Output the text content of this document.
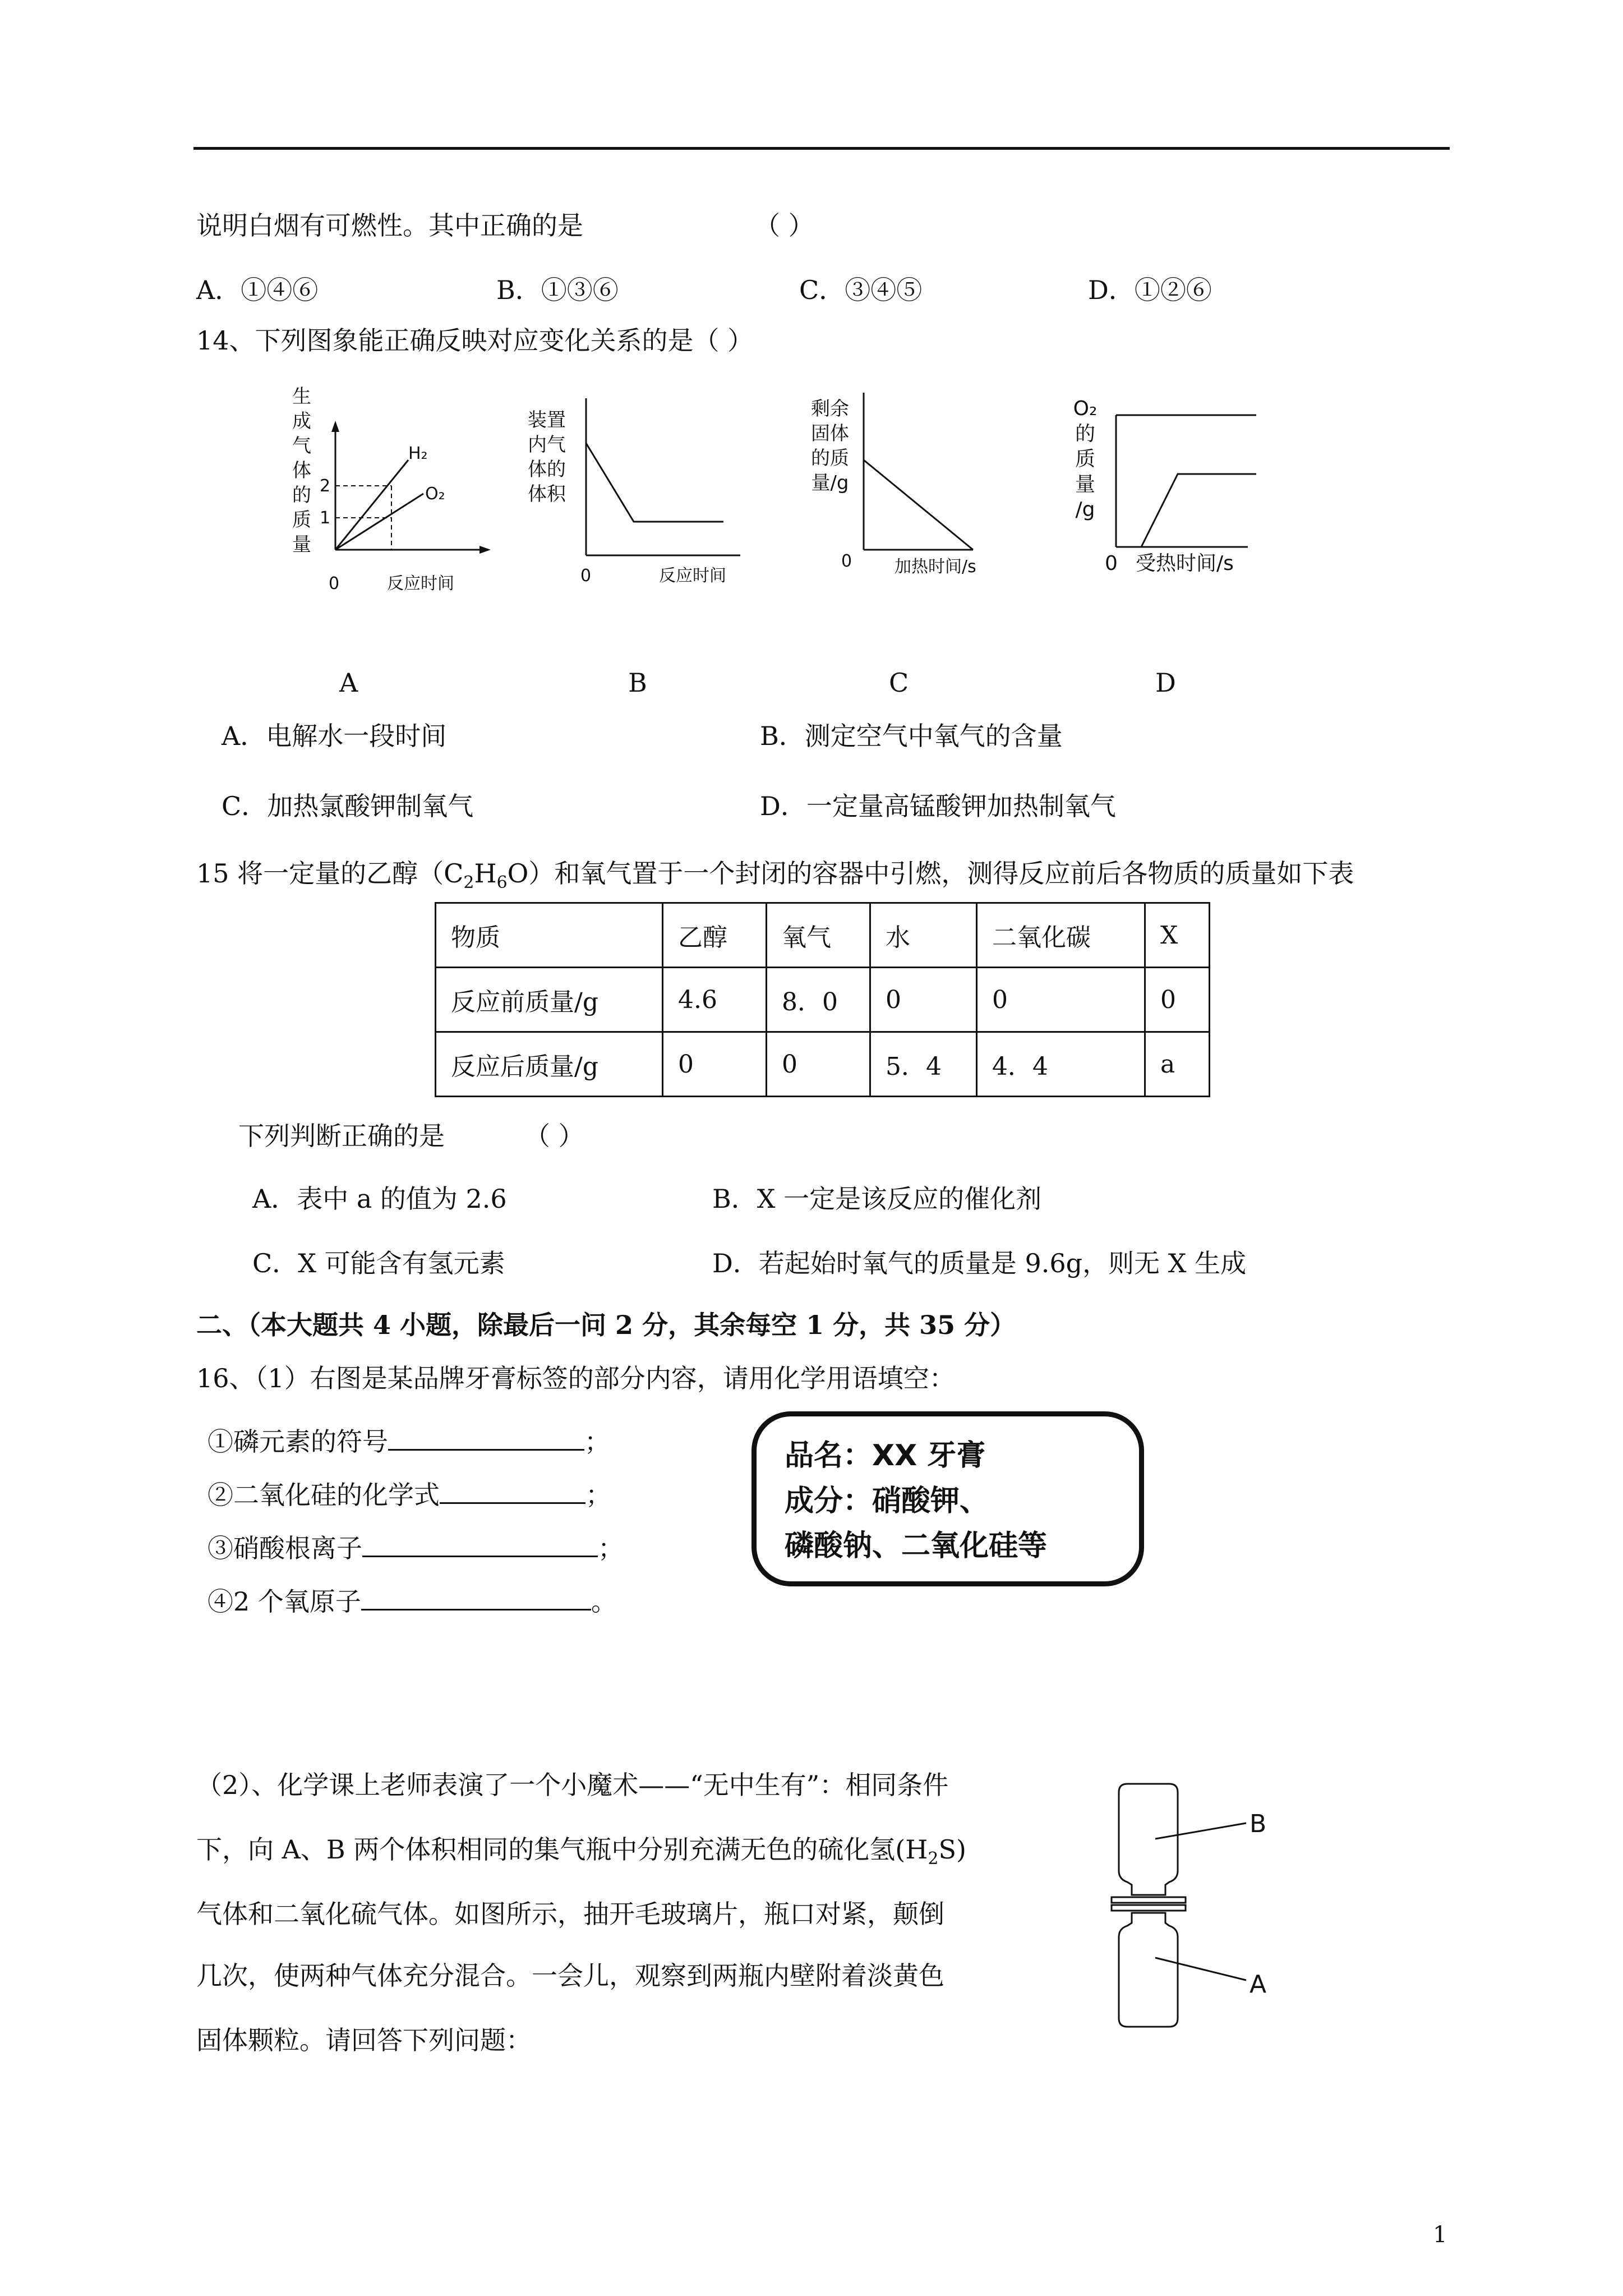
说明白烟有可燃性。其中正确的是	（ ）
A．①④⑥	B．①③⑥	C．③④⑤	D．①②⑥
14、下列图象能正确反映对应变化关系的是（ ）
生
成
气
体
的
质
量
2
1
0	反应时间
H₂
O₂
装置
内气
体的
体积
0	反应时间
剩余
固体
的质
量/g
0	加热时间/s
O₂
的
质
量
/g
0 受热时间/s
A	B	C	D
A．电解水一段时间	B．测定空气中氧气的含量
C．加热氯酸钾制氧气	D．一定量高锰酸钾加热制氧气
15 将一定量的乙醇$(C_2H_6O)$和氧气置于一个封闭的容器中引燃，测得反应前后各物质的质量如下表
物质	乙醇	氧气	水	二氧化碳	X
反应前质量/g	4.6	8．0	0	0	0
反应后质量/g	0	0	5．4	4．4	a
下列判断正确的是	（ ）
A．表中 a 的值为 2.6	B．X 一定是该反应的催化剂
C．X 可能含有氢元素	D．若起始时氧气的质量是 9.6g，则无 X 生成
二、（本大题共 4 小题，除最后一问 2 分，其余每空 1 分，共 35 分）
16、（1）右图是某品牌牙膏标签的部分内容，请用化学用语填空：
①磷元素的符号	；
②二氧化硅的化学式	；
③硝酸根离子	；
④2 个氧原子	。
品名：XX 牙膏
成分：硝酸钾、
磷酸钠、二氧化硅等
（2）、化学课上老师表演了一个小魔术——“无中生有”：相同条件
下，向 A、B 两个体积相同的集气瓶中分别充满无色的硫化氢$(H_2S)$
气体和二氧化硫气体。如图所示，抽开毛玻璃片，瓶口对紧，颠倒
几次，使两种气体充分混合。一会儿，观察到两瓶内壁附着淡黄色
固体颗粒。请回答下列问题：
B
A
1
